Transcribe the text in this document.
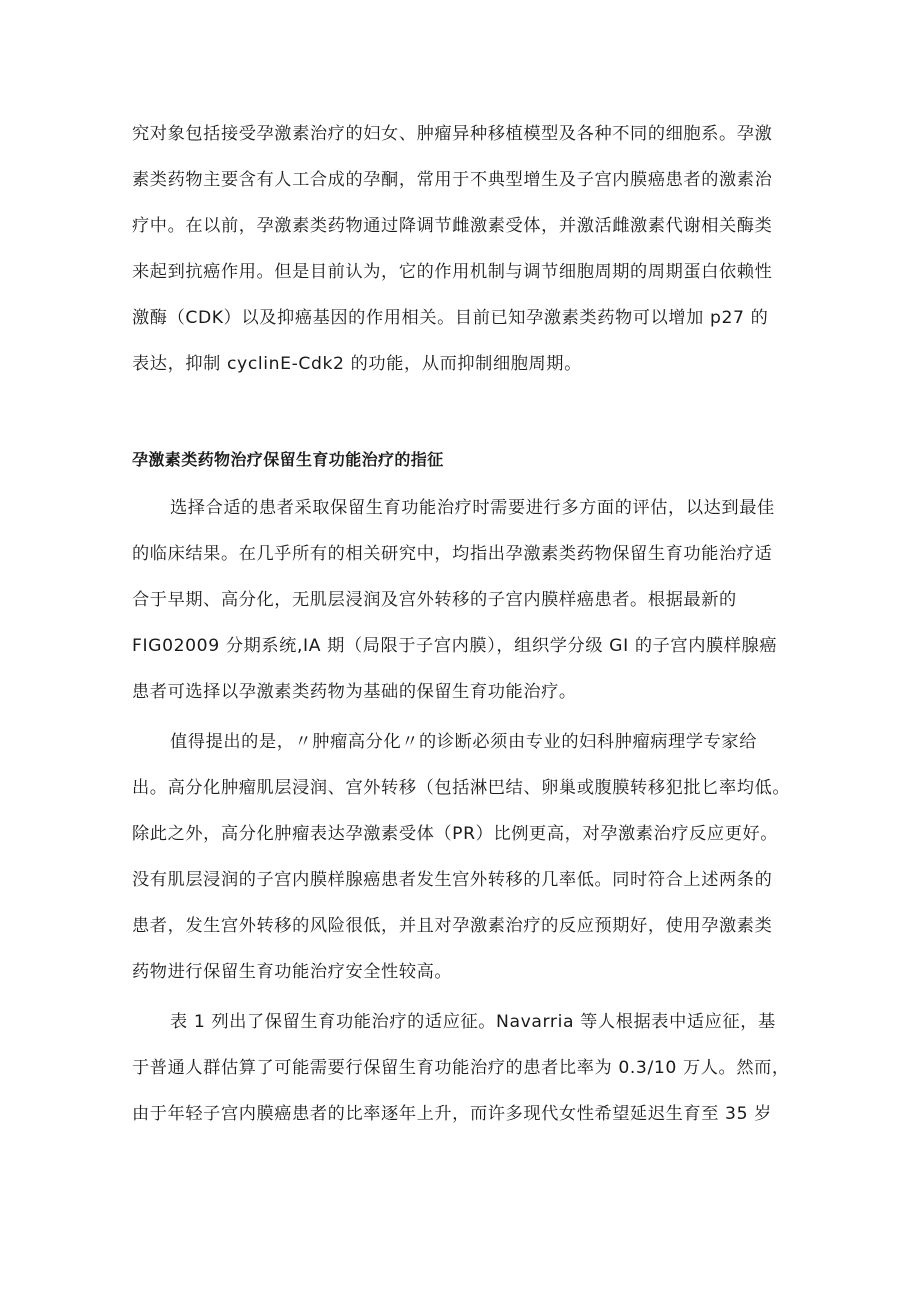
究对象包括接受孕激素治疗的妇女、肿瘤异种移植模型及各种不同的细胞系。孕激
素类药物主要含有人工合成的孕酮，常用于不典型增生及子宫内膜癌患者的激素治
疗中。在以前，孕激素类药物通过降调节雌激素受体，并激活雌激素代谢相关酶类
来起到抗癌作用。但是目前认为，它的作用机制与调节细胞周期的周期蛋白依赖性
激酶（CDK）以及抑癌基因的作用相关。目前已知孕激素类药物可以增加 p27 的
表达，抑制 cyclinE-Cdk2 的功能，从而抑制细胞周期。
孕激素类药物治疗保留生育功能治疗的指征
选择合适的患者采取保留生育功能治疗时需要进行多方面的评估，以达到最佳
的临床结果。在几乎所有的相关研究中，均指出孕激素类药物保留生育功能治疗适
合于早期、高分化，无肌层浸润及宫外转移的子宫内膜样癌患者。根据最新的
FIG02009 分期系统,IA 期（局限于子宫内膜），组织学分级 GI 的子宫内膜样腺癌
患者可选择以孕激素类药物为基础的保留生育功能治疗。
值得提出的是，〃肿瘤高分化〃的诊断必须由专业的妇科肿瘤病理学专家给
出。高分化肿瘤肌层浸润、宫外转移（包括淋巴结、卵巢或腹膜转移犯批匕率均低。
除此之外，高分化肿瘤表达孕激素受体（PR）比例更高，对孕激素治疗反应更好。
没有肌层浸润的子宫内膜样腺癌患者发生宫外转移的几率低。同时符合上述两条的
患者，发生宫外转移的风险很低，并且对孕激素治疗的反应预期好，使用孕激素类
药物进行保留生育功能治疗安全性较高。
表 1 列出了保留生育功能治疗的适应征。Navarria 等人根据表中适应征，基
于普通人群估算了可能需要行保留生育功能治疗的患者比率为 0.3/10 万人。然而，
由于年轻子宫内膜癌患者的比率逐年上升，而许多现代女性希望延迟生育至 35 岁
